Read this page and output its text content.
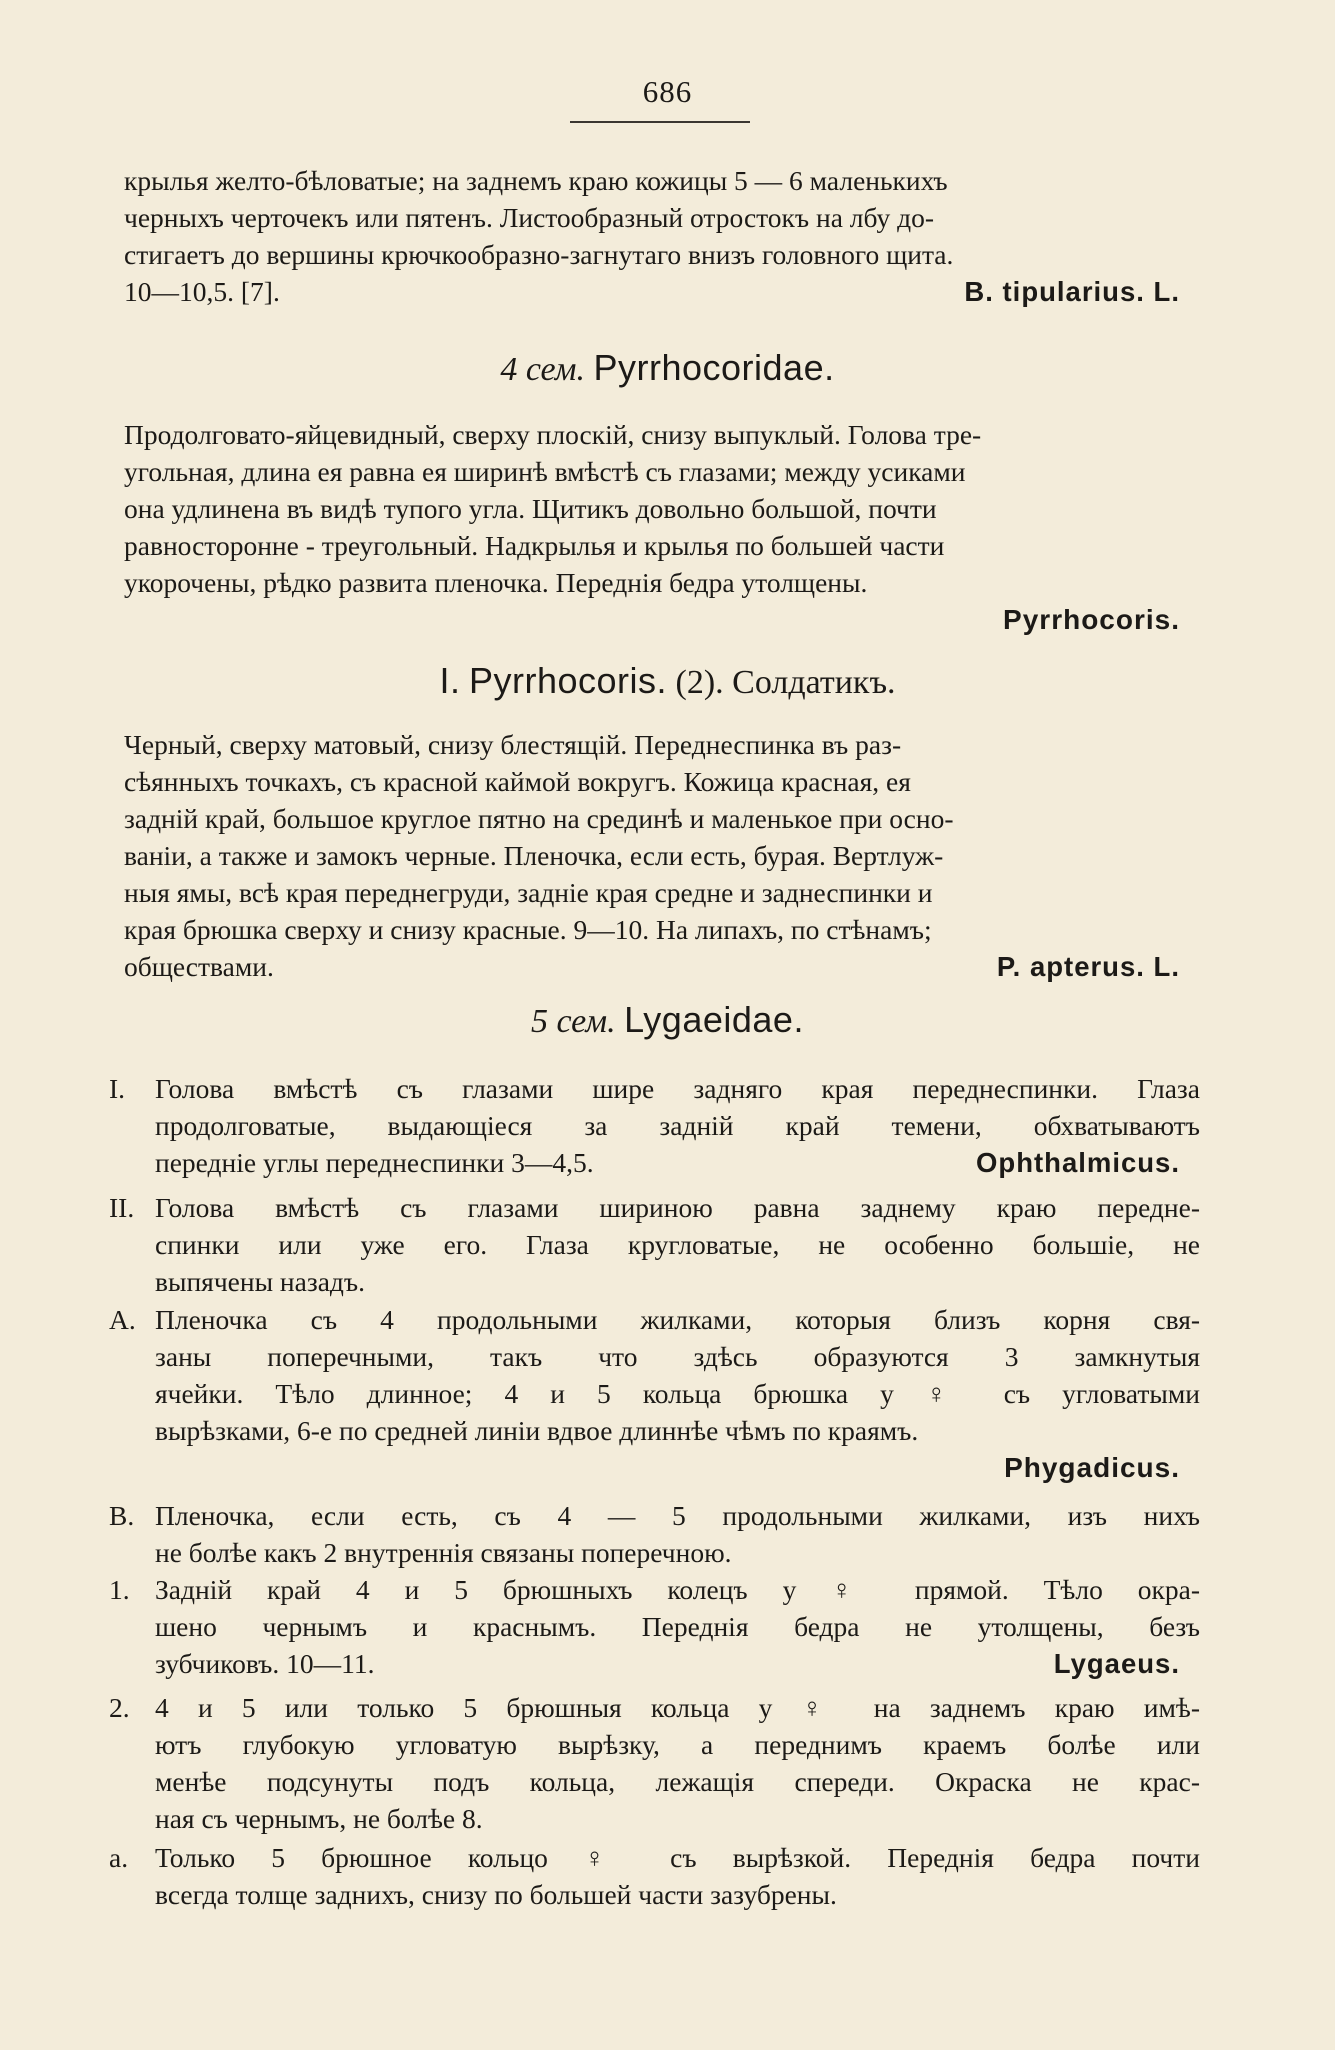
686

крылья желто-бѣловатые; на заднемъ краю кожицы 5 — 6 маленькихъ

черныхъ черточекъ или пятенъ. Листообразный отростокъ на лбу до-

стигаетъ до вершины крючкообразно-загнутаго внизъ головного щита.

10—10,5. [7].	B. tipularius. L.
4 сем. Pyrrhocoridae.

Продолговато-яйцевидный, сверху плоскій, снизу выпуклый. Голова тре-

угольная, длина ея равна ея ширинѣ вмѣстѣ съ глазами; между усиками

она удлинена въ видѣ тупого угла. Щитикъ довольно большой, почти

равносторонне - треугольный. Надкрылья и крылья по большей части

укорочены, рѣдко развита пленочка. Переднія бедра утолщены.

Pyrrhocoris.
I. Pyrrhocoris. (2). Солдатикъ.

Черный, сверху матовый, снизу блестящій. Переднеспинка въ раз-

сѣянныхъ точкахъ, съ красной каймой вокругъ. Кожица красная, ея

задній край, большое круглое пятно на срединѣ и маленькое при осно-

ваніи, а также и замокъ черные. Пленочка, если есть, бурая. Вертлуж-

ныя ямы, всѣ края переднегруди, задніе края средне и заднеспинки и

края брюшка сверху и снизу красные. 9—10. На липахъ, по стѣнамъ;

обществами.	P. apterus. L.
5 сем. Lygaeidae.
I. Голова вмѣстѣ съ глазами шире задняго края переднеспинки. Глаза

продолговатые, выдающіеся за задній край темени, обхватываютъ

передніе углы переднеспинки 3—4,5.	Ophthalmicus.
II. Голова вмѣстѣ съ глазами шириною равна заднему краю передне-

спинки или уже его. Глаза кругловатые, не особенно большіе, не

выпячены назадъ.

A. Пленочка съ 4 продольными жилками, которыя близъ корня свя-

заны поперечными, такъ что здѣсь образуются 3 замкнутыя

ячейки. Тѣло длинное; 4 и 5 кольца брюшка у ♀ съ угловатыми

вырѣзками, 6-е по средней линіи вдвое длиннѣе чѣмъ по краямъ.

Phygadicus.
B. Пленочка, если есть, съ 4 — 5 продольными жилками, изъ нихъ

не болѣе какъ 2 внутреннія связаны поперечною.

1. Задній край 4 и 5 брюшныхъ колецъ у ♀ прямой. Тѣло окра-

шено чернымъ и краснымъ. Переднія бедра не утолщены, безъ

зубчиковъ. 10—11.	Lygaeus.
2. 4 и 5 или только 5 брюшныя кольца у ♀ на заднемъ краю имѣ-

ютъ глубокую угловатую вырѣзку, а переднимъ краемъ болѣе или

менѣе подсунуты подъ кольца, лежащія спереди. Окраска не крас-

ная съ чернымъ, не болѣе 8.

a. Только 5 брюшное кольцо ♀ съ вырѣзкой. Переднія бедра почти

всегда толще заднихъ, снизу по большей части зазубрены.
